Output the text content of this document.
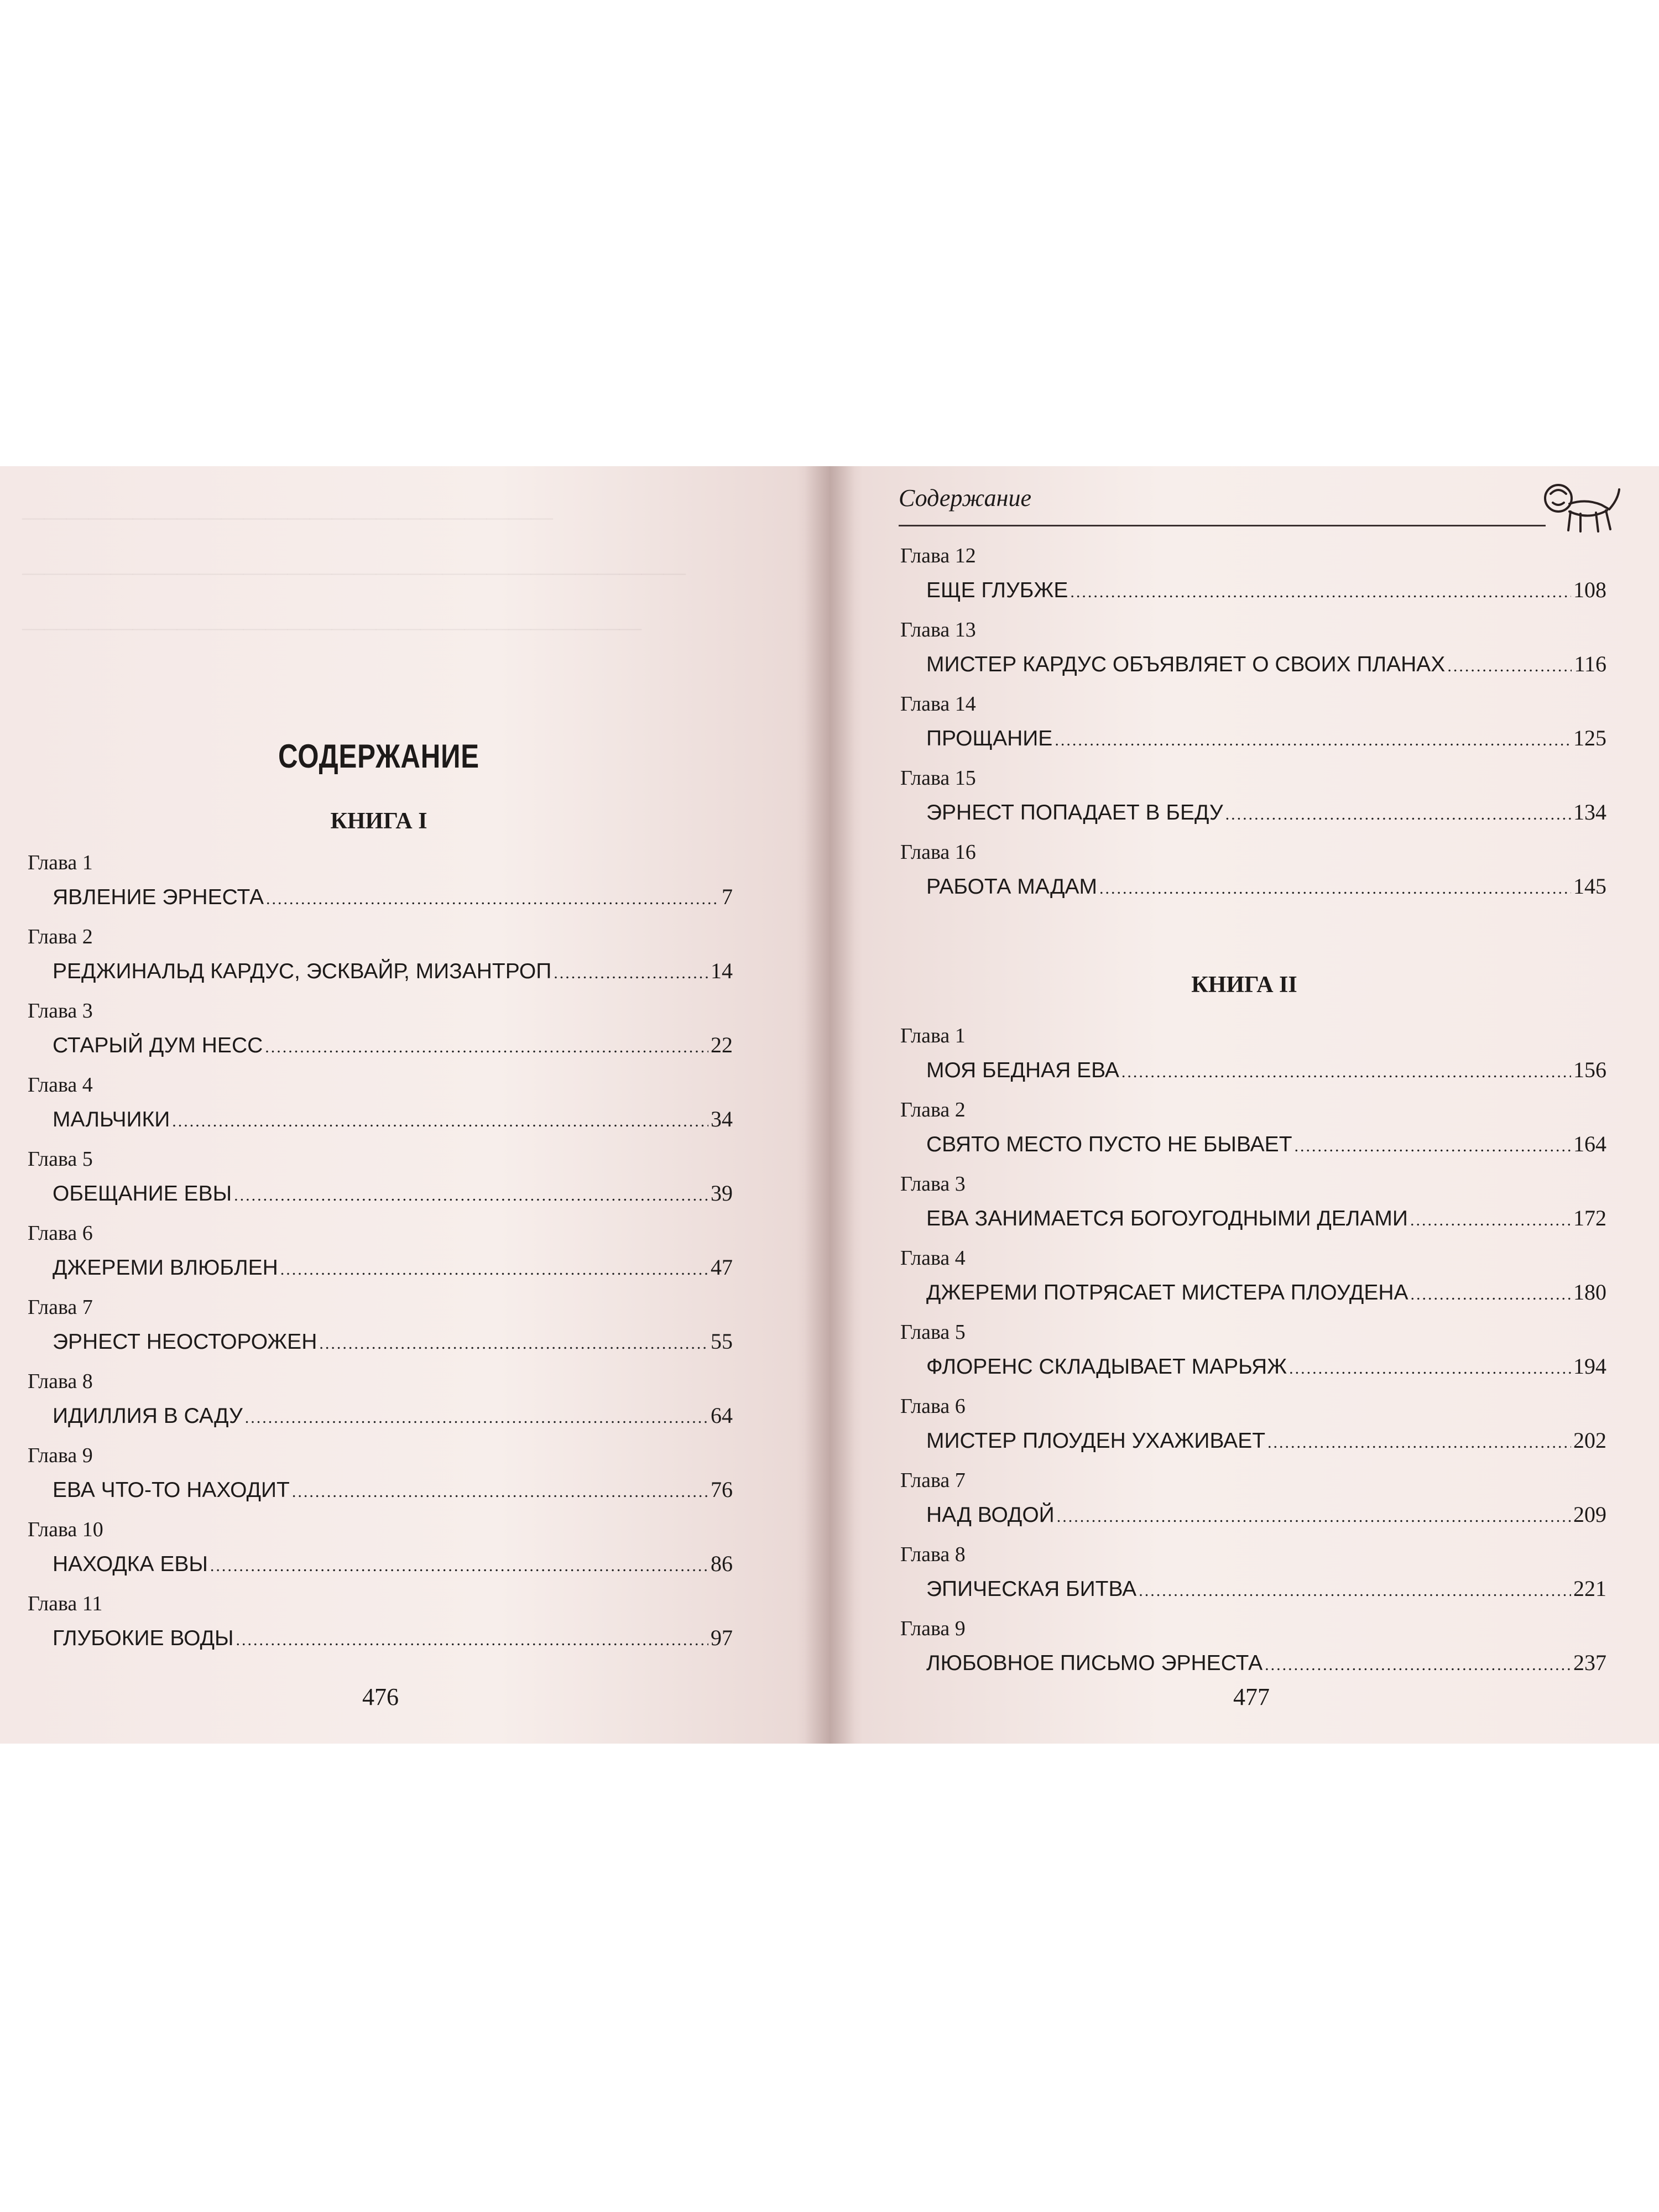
————————————————————————
——————————————————————————————
————————————————————————————
СОДЕРЖАНИЕ
КНИГА I
Глава 1
ЯВЛЕНИЕ ЭРНЕСТА .....	7
Глава 2
РЕДЖИНАЛЬД КАРДУС, ЭСКВАЙР, МИЗАНТРОП .....	14
Глава 3
СТАРЫЙ ДУМ НЕСС .....	22
Глава 4
МАЛЬЧИКИ .....	34
Глава 5
ОБЕЩАНИЕ ЕВЫ .....	39
Глава 6
ДЖЕРЕМИ ВЛЮБЛЕН .....	47
Глава 7
ЭРНЕСТ НЕОСТОРОЖЕН .....	55
Глава 8
ИДИЛЛИЯ В САДУ .....	64
Глава 9
ЕВА ЧТО-ТО НАХОДИТ .....	76
Глава 10
НАХОДКА ЕВЫ .....	86
Глава 11
ГЛУБОКИЕ ВОДЫ .....	97
476
Содержание
Глава 12
ЕЩЕ ГЛУБЖЕ .....	108
Глава 13
МИСТЕР КАРДУС ОБЪЯВЛЯЕТ О СВОИХ ПЛАНАХ .....	116
Глава 14
ПРОЩАНИЕ .....	125
Глава 15
ЭРНЕСТ ПОПАДАЕТ В БЕДУ .....	134
Глава 16
РАБОТА МАДАМ .....	145
КНИГА II
Глава 1
МОЯ БЕДНАЯ ЕВА .....	156
Глава 2
СВЯТО МЕСТО ПУСТО НЕ БЫВАЕТ .....	164
Глава 3
ЕВА ЗАНИМАЕТСЯ БОГОУГОДНЫМИ ДЕЛАМИ .....	172
Глава 4
ДЖЕРЕМИ ПОТРЯСАЕТ МИСТЕРА ПЛОУДЕНА .....	180
Глава 5
ФЛОРЕНС СКЛАДЫВАЕТ МАРЬЯЖ .....	194
Глава 6
МИСТЕР ПЛОУДЕН УХАЖИВАЕТ .....	202
Глава 7
НАД ВОДОЙ .....	209
Глава 8
ЭПИЧЕСКАЯ БИТВА .....	221
Глава 9
ЛЮБОВНОЕ ПИСЬМО ЭРНЕСТА .....	237
477
